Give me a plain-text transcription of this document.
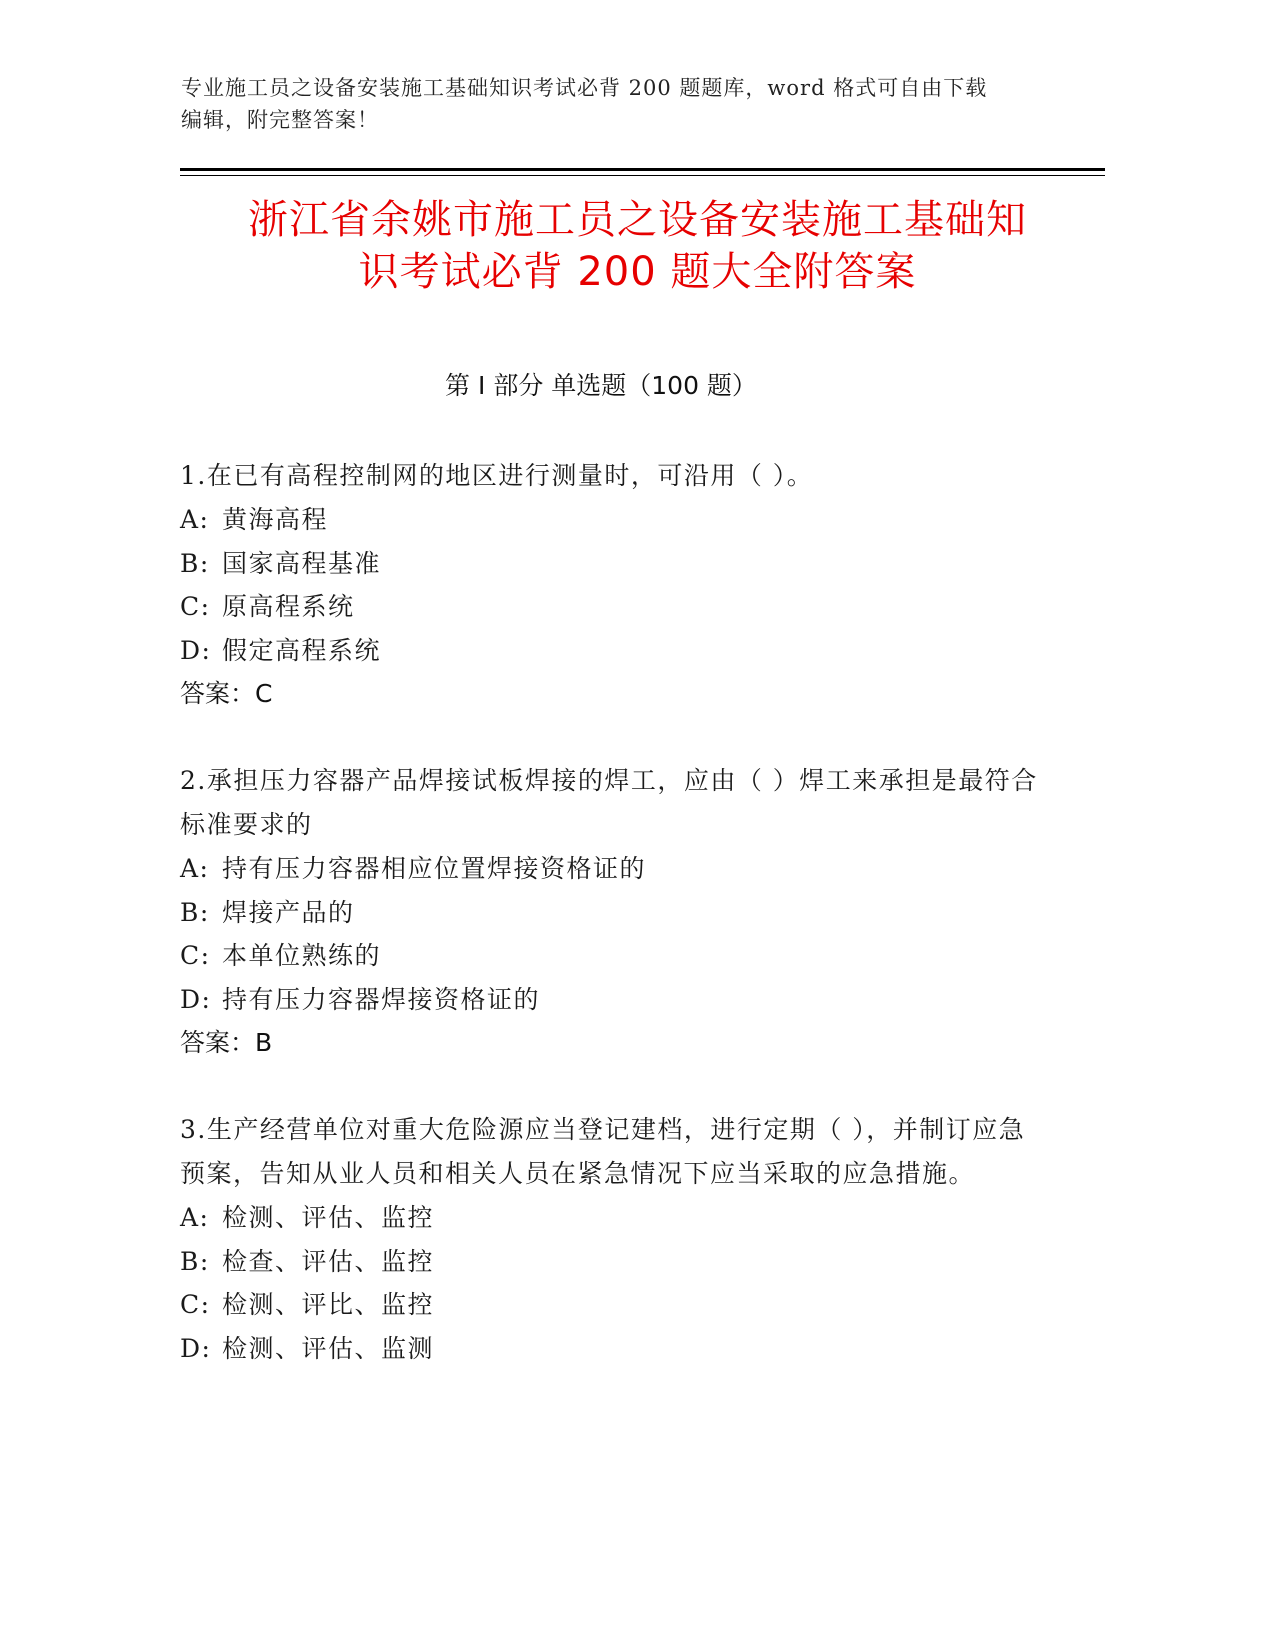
专业施工员之设备安装施工基础知识考试必背 200 题题库，word 格式可自由下载
编辑，附完整答案！
浙江省余姚市施工员之设备安装施工基础知
识考试必背 200 题大全附答案
第 I 部分 单选题（100 题）
1.在已有高程控制网的地区进行测量时，可沿用（ ）。
A: 黄海高程
B: 国家高程基准
C: 原高程系统
D: 假定高程系统
答案：C
2.承担压力容器产品焊接试板焊接的焊工，应由（ ）焊工来承担是最符合标准要求的
A: 持有压力容器相应位置焊接资格证的
B: 焊接产品的
C: 本单位熟练的
D: 持有压力容器焊接资格证的
答案：B
3.生产经营单位对重大危险源应当登记建档，进行定期（ ），并制订应急预案，告知从业人员和相关人员在紧急情况下应当采取的应急措施。
A: 检测、评估、监控
B: 检查、评估、监控
C: 检测、评比、监控
D: 检测、评估、监测
